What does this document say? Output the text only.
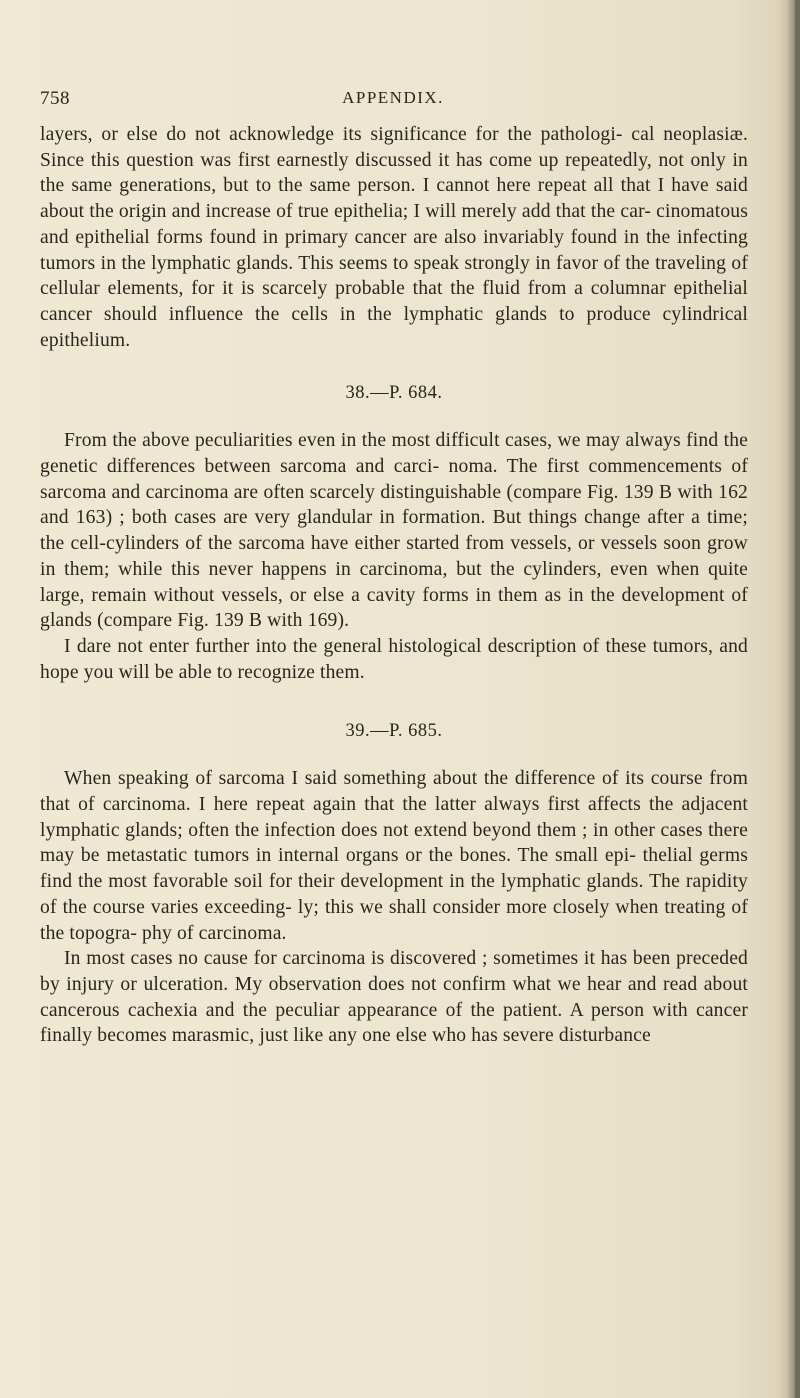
758	APPENDIX.

layers, or else do not acknowledge its significance for the pathologi- cal neoplasiæ. Since this question was first earnestly discussed it has come up repeatedly, not only in the same generations, but to the same person. I cannot here repeat all that I have said about the origin and increase of true epithelia; I will merely add that the car- cinomatous and epithelial forms found in primary cancer are also invariably found in the infecting tumors in the lymphatic glands. This seems to speak strongly in favor of the traveling of cellular elements, for it is scarcely probable that the fluid from a columnar epithelial cancer should influence the cells in the lymphatic glands to produce cylindrical epithelium.

38.—P. 684.

From the above peculiarities even in the most difficult cases, we may always find the genetic differences between sarcoma and carci- noma. The first commencements of sarcoma and carcinoma are often scarcely distinguishable (compare Fig. 139 B with 162 and 163) ; both cases are very glandular in formation. But things change after a time; the cell-cylinders of the sarcoma have either started from vessels, or vessels soon grow in them; while this never happens in carcinoma, but the cylinders, even when quite large, remain without vessels, or else a cavity forms in them as in the development of glands (compare Fig. 139 B with 169).

I dare not enter further into the general histological description of these tumors, and hope you will be able to recognize them.

39.—P. 685.

When speaking of sarcoma I said something about the difference of its course from that of carcinoma. I here repeat again that the latter always first affects the adjacent lymphatic glands; often the infection does not extend beyond them ; in other cases there may be metastatic tumors in internal organs or the bones. The small epi- thelial germs find the most favorable soil for their development in the lymphatic glands. The rapidity of the course varies exceeding- ly; this we shall consider more closely when treating of the topogra- phy of carcinoma.

In most cases no cause for carcinoma is discovered ; sometimes it has been preceded by injury or ulceration. My observation does not confirm what we hear and read about cancerous cachexia and the peculiar appearance of the patient. A person with cancer finally becomes marasmic, just like any one else who has severe disturbance
